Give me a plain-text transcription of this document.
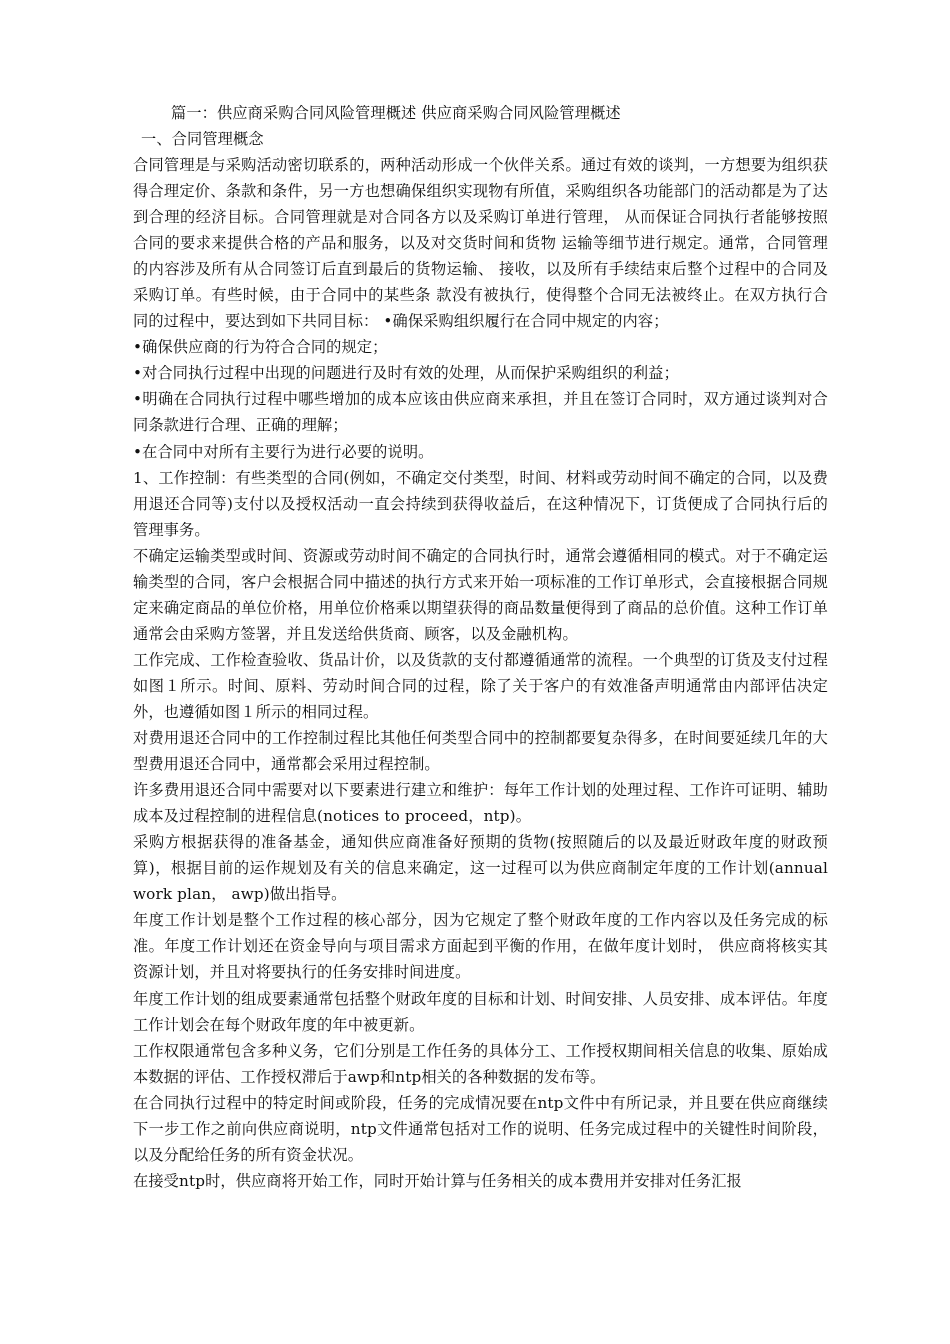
篇一：供应商采购合同风险管理概述 供应商采购合同风险管理概述
一、合同管理概念

合同管理是与采购活动密切联系的，两种活动形成一个伙伴关系。通过有效的谈判，一方想要为组织获得合理定价、条款和条件，另一方也想确保组织实现物有所值，采购组织各功能部门的活动都是为了达到合理的经济目标。合同管理就是对合同各方以及采购订单进行管理， 从而保证合同执行者能够按照合同的要求来提供合格的产品和服务，以及对交货时间和货物 运输等细节进行规定。通常，合同管理的内容涉及所有从合同签订后直到最后的货物运输、 接收，以及所有手续结束后整个过程中的合同及采购订单。有些时候，由于合同中的某些条 款没有被执行，使得整个合同无法被终止。在双方执行合同的过程中，要达到如下共同目标： •确保采购组织履行在合同中规定的内容；

•确保供应商的行为符合合同的规定；

•对合同执行过程中出现的问题进行及时有效的处理，从而保护采购组织的利益；

•明确在合同执行过程中哪些增加的成本应该由供应商来承担，并且在签订合同时，双方通过谈判对合同条款进行合理、正确的理解；

•在合同中对所有主要行为进行必要的说明。

1、工作控制：有些类型的合同(例如，不确定交付类型，时间、材料或劳动时间不确定的合同，以及费用退还合同等)支付以及授权活动一直会持续到获得收益后，在这种情况下，订货便成了合同执行后的管理事务。

不确定运输类型或时间、资源或劳动时间不确定的合同执行时，通常会遵循相同的模式。对于不确定运输类型的合同，客户会根据合同中描述的执行方式来开始一项标准的工作订单形式，会直接根据合同规定来确定商品的单位价格，用单位价格乘以期望获得的商品数量便得到了商品的总价值。这种工作订单通常会由采购方签署，并且发送给供货商、顾客，以及金融机构。

工作完成、工作检查验收、货品计价，以及货款的支付都遵循通常的流程。一个典型的订货及支付过程如图１所示。时间、原料、劳动时间合同的过程，除了关于客户的有效准备声明通常由内部评估决定外，也遵循如图１所示的相同过程。

对费用退还合同中的工作控制过程比其他任何类型合同中的控制都要复杂得多，在时间要延续几年的大型费用退还合同中，通常都会采用过程控制。

许多费用退还合同中需要对以下要素进行建立和维护：每年工作计划的处理过程、工作许可证明、辅助成本及过程控制的进程信息(notices to proceed，ntp)。

采购方根据获得的准备基金，通知供应商准备好预期的货物(按照随后的以及最近财政年度的财政预算)，根据目前的运作规划及有关的信息来确定，这一过程可以为供应商制定年度的工作计划(annual work plan， awp)做出指导。

年度工作计划是整个工作过程的核心部分，因为它规定了整个财政年度的工作内容以及任务完成的标准。年度工作计划还在资金导向与项目需求方面起到平衡的作用，在做年度计划时， 供应商将核实其资源计划，并且对将要执行的任务安排时间进度。

年度工作计划的组成要素通常包括整个财政年度的目标和计划、时间安排、人员安排、成本评估。年度工作计划会在每个财政年度的年中被更新。

工作权限通常包含多种义务，它们分别是工作任务的具体分工、工作授权期间相关信息的收集、原始成本数据的评估、工作授权滞后于awp和ntp相关的各种数据的发布等。

在合同执行过程中的特定时间或阶段，任务的完成情况要在ntp文件中有所记录，并且要在供应商继续下一步工作之前向供应商说明，ntp文件通常包括对工作的说明、任务完成过程中的关键性时间阶段，以及分配给任务的所有资金状况。

在接受ntp时，供应商将开始工作，同时开始计算与任务相关的成本费用并安排对任务汇报
